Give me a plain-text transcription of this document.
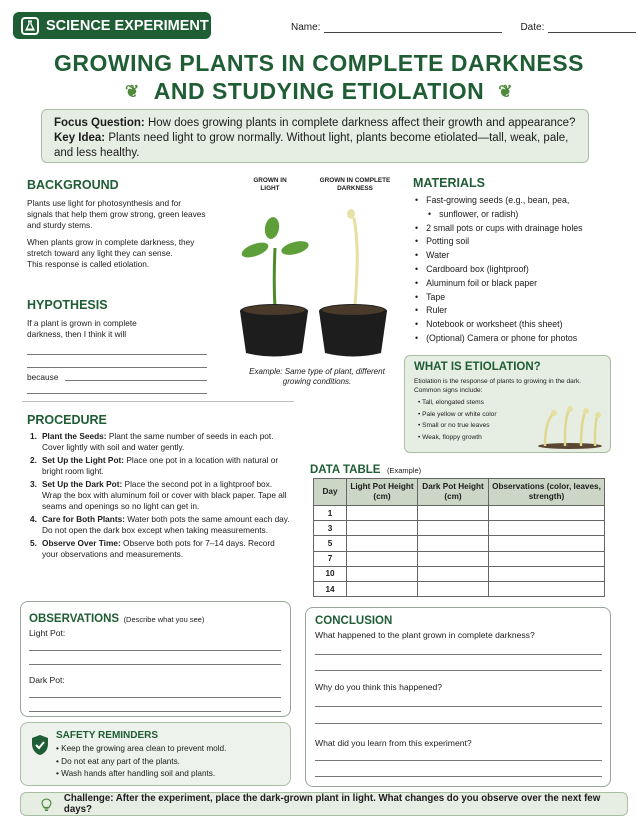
SCIENCE EXPERIMENT	Name:	Date:
GROWING PLANTS IN COMPLETE DARKNESS
❦ AND STUDYING ETIOLATION ❦
Focus Question: How does growing plants in complete darkness affect their growth and appearance?
Key Idea: Plants need light to grow normally. Without light, plants become etiolated—tall, weak, pale, and less healthy.
BACKGROUND

Plants use light for photosynthesis and for signals that help them grow strong, green leaves and sturdy stems.

When plants grow in complete darkness, they stretch toward any light they can sense.

This response is called etiolation.

GROWN IN LIGHT
GROWN IN COMPLETE DARKNESS
Example: Same type of plant, different growing conditions.
HYPOTHESIS
If a plant is grown in complete darkness, then I think it will
because
MATERIALS
• Fast-growing seeds (e.g., bean, pea,
• sunflower, or radish)
• 2 small pots or cups with drainage holes
• Potting soil
• Water
• Cardboard box (lightproof)
• Aluminum foil or black paper
• Tape
• Ruler
• Notebook or worksheet (this sheet)
• (Optional) Camera or phone for photos
WHAT IS ETIOLATION?
Etiolation is the response of plants to growing in the dark.
Common signs include:
• Tall, elongated stems
• Pale yellow or white color
• Small or no true leaves
• Weak, floppy growth
PROCEDURE
1. Plant the Seeds: Plant the same number of seeds in each pot. Cover lightly with soil and water gently.
2. Set Up the Light Pot: Place one pot in a location with natural or bright room light.
3. Set Up the Dark Pot: Place the second pot in a lightproof box. Wrap the box with aluminum foil or cover with black paper. Tape all seams and openings so no light can get in.
4. Care for Both Plants: Water both pots the same amount each day. Do not open the dark box except when taking measurements.
5. Observe Over Time: Observe both pots for 7–14 days. Record your observations and measurements.
DATA TABLE (Example)
Day	Light Pot Height (cm)	Dark Pot Height (cm)	Observations (color, leaves, strength)
1			
3			
5			
7			
10			
14			
OBSERVATIONS (Describe what you see)
Light Pot:
Dark Pot:
CONCLUSION
What happened to the plant grown in complete darkness?
Why do you think this happened?
What did you learn from this experiment?
SAFETY REMINDERS
• Keep the growing area clean to prevent mold.
• Do not eat any part of the plants.
• Wash hands after handling soil and plants.
Challenge: After the experiment, place the dark-grown plant in light. What changes do you observe over the next few days?
